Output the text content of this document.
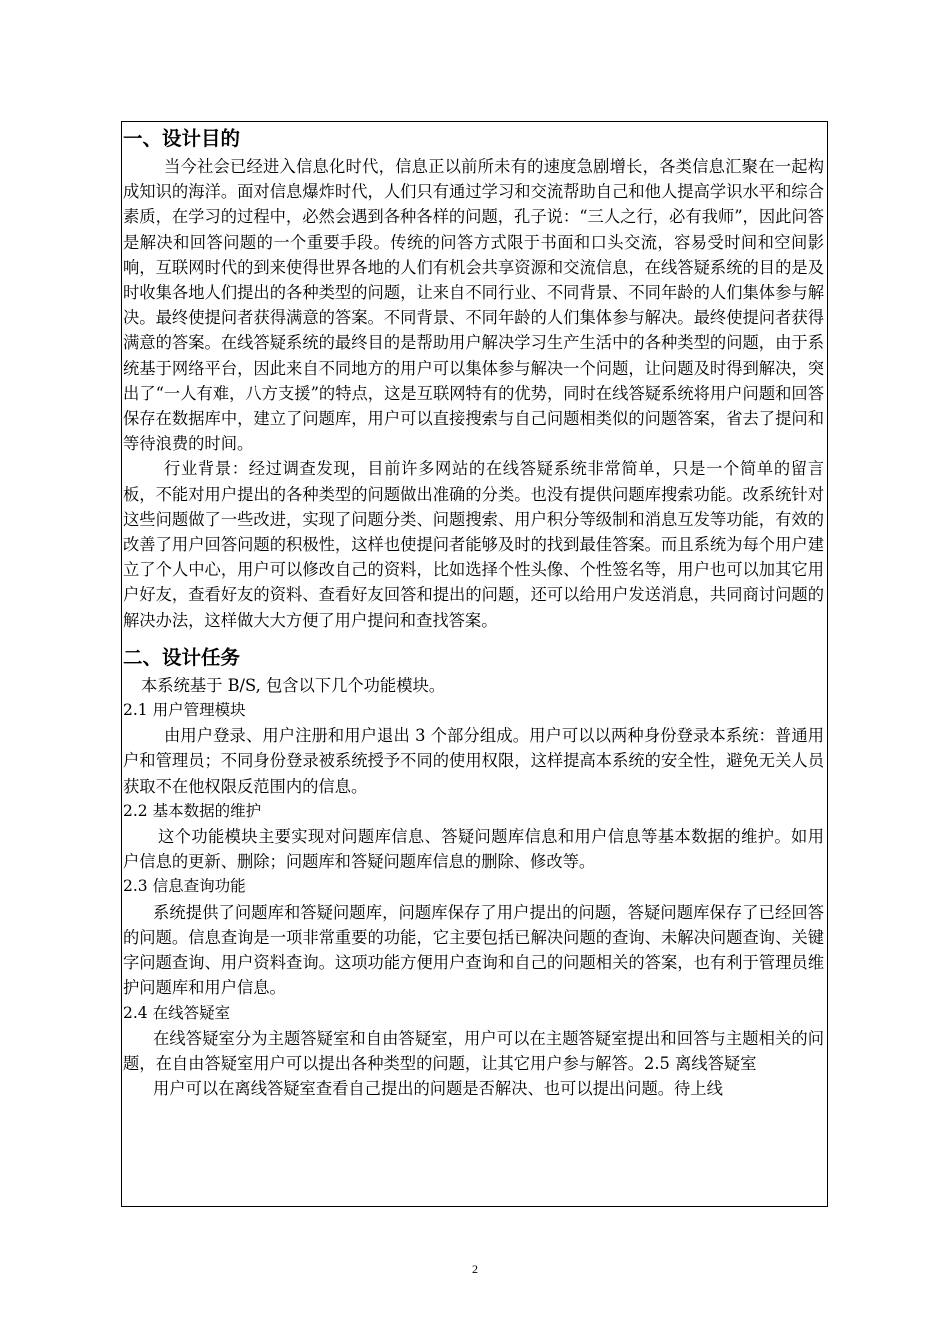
一、设计目的

当今社会已经进入信息化时代，信息正以前所未有的速度急剧增长，各类信息汇聚在一起构成知识的海洋。面对信息爆炸时代，人们只有通过学习和交流帮助自己和他人提高学识水平和综合素质，在学习的过程中，必然会遇到各种各样的问题，孔子说：“三人之行，必有我师”，因此问答是解决和回答问题的一个重要手段。传统的问答方式限于书面和口头交流，容易受时间和空间影响，互联网时代的到来使得世界各地的人们有机会共享资源和交流信息，在线答疑系统的目的是及时收集各地人们提出的各种类型的问题，让来自不同行业、不同背景、不同年龄的人们集体参与解决。最终使提问者获得满意的答案。不同背景、不同年龄的人们集体参与解决。最终使提问者获得满意的答案。在线答疑系统的最终目的是帮助用户解决学习生产生活中的各种类型的问题，由于系统基于网络平台，因此来自不同地方的用户可以集体参与解决一个问题，让问题及时得到解决，突出了“一人有难，八方支援”的特点，这是互联网特有的优势，同时在线答疑系统将用户问题和回答保存在数据库中，建立了问题库，用户可以直接搜索与自己问题相类似的问题答案，省去了提问和等待浪费的时间。

行业背景：经过调查发现，目前许多网站的在线答疑系统非常简单，只是一个简单的留言板，不能对用户提出的各种类型的问题做出准确的分类。也没有提供问题库搜索功能。改系统针对这些问题做了一些改进，实现了问题分类、问题搜索、用户积分等级制和消息互发等功能，有效的改善了用户回答问题的积极性，这样也使提问者能够及时的找到最佳答案。而且系统为每个用户建立了个人中心，用户可以修改自己的资料，比如选择个性头像、个性签名等，用户也可以加其它用户好友，查看好友的资料、查看好友回答和提出的问题，还可以给用户发送消息，共同商讨问题的解决办法，这样做大大方便了用户提问和查找答案。

二、设计任务

本系统基于 B/S, 包含以下几个功能模块。

2.1 用户管理模块

由用户登录、用户注册和用户退出 3 个部分组成。用户可以以两种身份登录本系统：普通用户和管理员；不同身份登录被系统授予不同的使用权限，这样提高本系统的安全性，避免无关人员获取不在他权限反范围内的信息。

2.2 基本数据的维护

这个功能模块主要实现对问题库信息、答疑问题库信息和用户信息等基本数据的维护。如用户信息的更新、删除；问题库和答疑问题库信息的删除、修改等。

2.3 信息查询功能

系统提供了问题库和答疑问题库，问题库保存了用户提出的问题，答疑问题库保存了已经回答的问题。信息查询是一项非常重要的功能，它主要包括已解决问题的查询、未解决问题查询、关键字问题查询、用户资料查询。这项功能方便用户查询和自己的问题相关的答案，也有利于管理员维护问题库和用户信息。

2.4 在线答疑室

在线答疑室分为主题答疑室和自由答疑室，用户可以在主题答疑室提出和回答与主题相关的问题，在自由答疑室用户可以提出各种类型的问题，让其它用户参与解答。2.5 离线答疑室

用户可以在离线答疑室查看自己提出的问题是否解决、也可以提出问题。待上线

2
